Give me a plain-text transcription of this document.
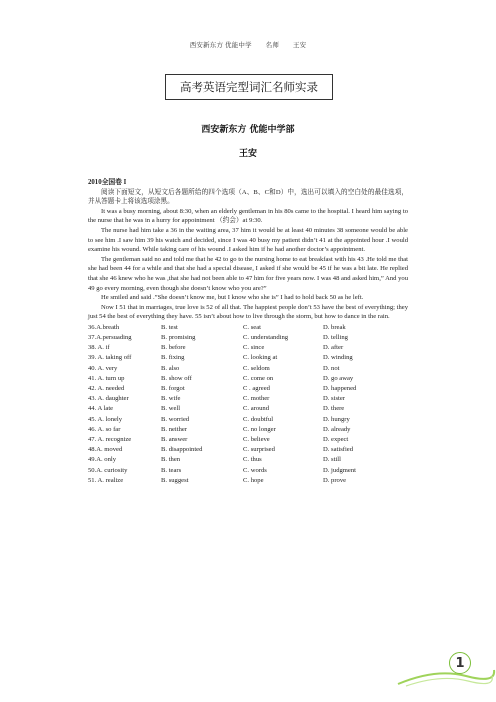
西安新东方 优能中学 名师 王安
高考英语完型词汇名师实录
西安新东方 优能中学部
王安
2010全国卷 I

阅读下面短文，从短文后各题所给的四个选项（A、B、C和D）中，选出可以填入的空白处的最佳选项，并从答题卡上将该选项涂黑。

It was a busy morning, about 8:30, when an elderly gentleman in his 80s came to the hospital. I heard him saying to the nurse that he was in a hurry for appointment （约会）at 9:30.

The nurse had him take a 36 in the waiting area, 37 him it would be at least 40 minutes 38 someone would be able to see him .I saw him 39 his watch and decided, since I was 40 busy my patient didn’t 41 at the appointed hour .I would examine his wound. While taking care of his wound .I asked him if he had another doctor’s appointment.

The gentleman said no and told me that he 42 to go to the nursing home to eat breakfast with his 43 .He told me that she had been 44 for a while and that she had a special disease, I asked if she would be 45 if he was a bit late. He replied that she 46 knew who he was ,that she had not been able to 47 him for five years now. I was 48 and asked him,” And you 49 go every morning, even though she doesn’t know who you are?”

He smiled and said .”She doesn’t know me, but I know who she is” I had to hold back 50 as he left.

Now I 51 that in marriages, true love is 52 of all that. The happiest people don’t 53 have the best of everything; they just 54 the best of everything they have. 55 isn’t about how to live through the storm, but how to dance in the rain.

36.A.breath	B. test	C. seat	D. break
37.A.persuading	B. promising	C. understanding	D. telling
38. A. if	B. before	C. since	D. after
39. A. taking off	B. fixing	C. looking at	D. winding
40. A. very	B. also	C. seldom	D. not
41. A. turn up	B. show off	C. come on	D. go away
42. A. needed	B. forgot	C . agreed	D. happened
43. A. daughter	B. wife	C. mother	D. sister
44. A late	B. well	C. around	D. there
45. A. lonely	B. worried	C. doubtful	D. hungry
46. A. so far	B. neither	C. no longer	D. already
47. A. recognize	B. answer	C. believe	D. expect
48.A. moved	B. disappointed	C. surprised	D. satisfied
49.A. only	B. then	C. thus	D. still
50.A. curiosity	B. tears	C. words	D. judgment
51. A. realize	B. suggest	C. hope	D. prove
1
